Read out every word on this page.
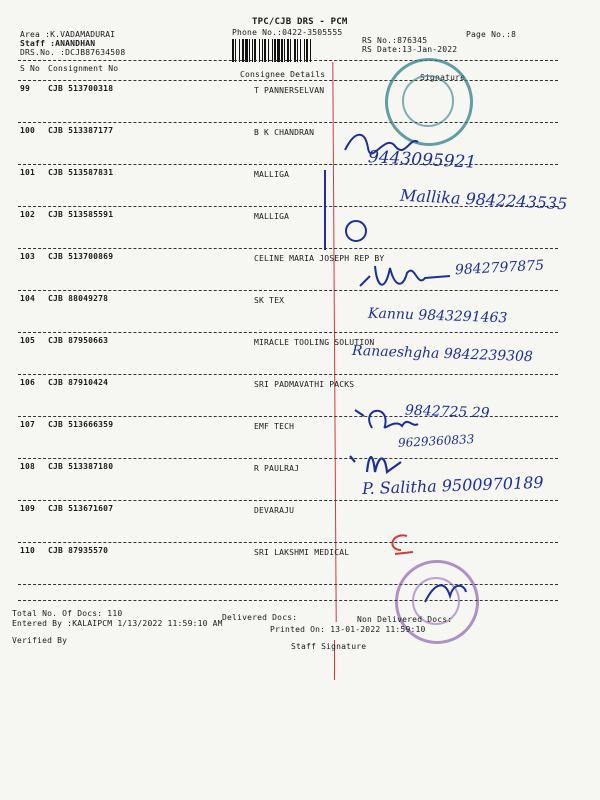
TPC/CJB DRS - PCM
Phone No.:0422-3505555
Area :K.VADAMADURAI
Staff :ANANDHAN
DRS.No. :DCJB87634508
RS No.:876345
RS Date:13-Jan-2022
Page No.:8
S No Consignment No
Consignee Details	Signature
99 CJB 513700318	T PANNERSELVAN
100 CJB 513387177	B K CHANDRAN
9443095921
101 CJB 513587831	MALLIGA
102 CJB 513585591	MALLIGA
Mallika 9842243535
103 CJB 513700869	CELINE MARIA JOSEPH REP BY	9842797875
104 CJB 88049278	SK TEX
Kannu 9843291463
105 CJB 87950663	MIRACLE TOOLING SOLUTION
Ranaeshgha 9842239308
106 CJB 87910424	SRI PADMAVATHI PACKS
9842725 29
107 CJB 513666359	EMF TECH
9629360833
108 CJB 513387180	R PAULRAJ
P. Salitha 9500970189
109 CJB 513671607	DEVARAJU
110 CJB 87935570	SRI LAKSHMI MEDICAL
Total No. Of Docs: 110	Delivered Docs:	Non Delivered Docs:
Entered By :KALAIPCM 1/13/2022 11:59:10 AM
Printed On: 13-01-2022 11:59:10
Verified By
Staff Signature
